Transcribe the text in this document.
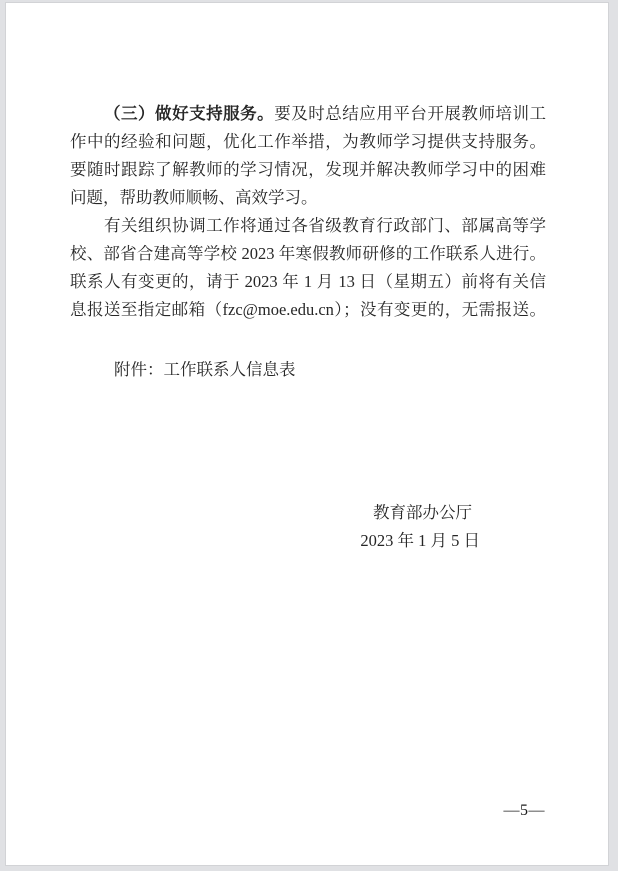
（三）做好支持服务。要及时总结应用平台开展教师培训工
作中的经验和问题，优化工作举措，为教师学习提供支持服务。
要随时跟踪了解教师的学习情况，发现并解决教师学习中的困难
问题，帮助教师顺畅、高效学习。
有关组织协调工作将通过各省级教育行政部门、部属高等学
校、部省合建高等学校 2023 年寒假教师研修的工作联系人进行。
联系人有变更的，请于 2023 年 1 月 13 日（星期五）前将有关信
息报送至指定邮箱（fzc@moe.edu.cn）；没有变更的，无需报送。
附件：工作联系人信息表
教育部办公厅
2023 年 1 月 5 日
—5—
